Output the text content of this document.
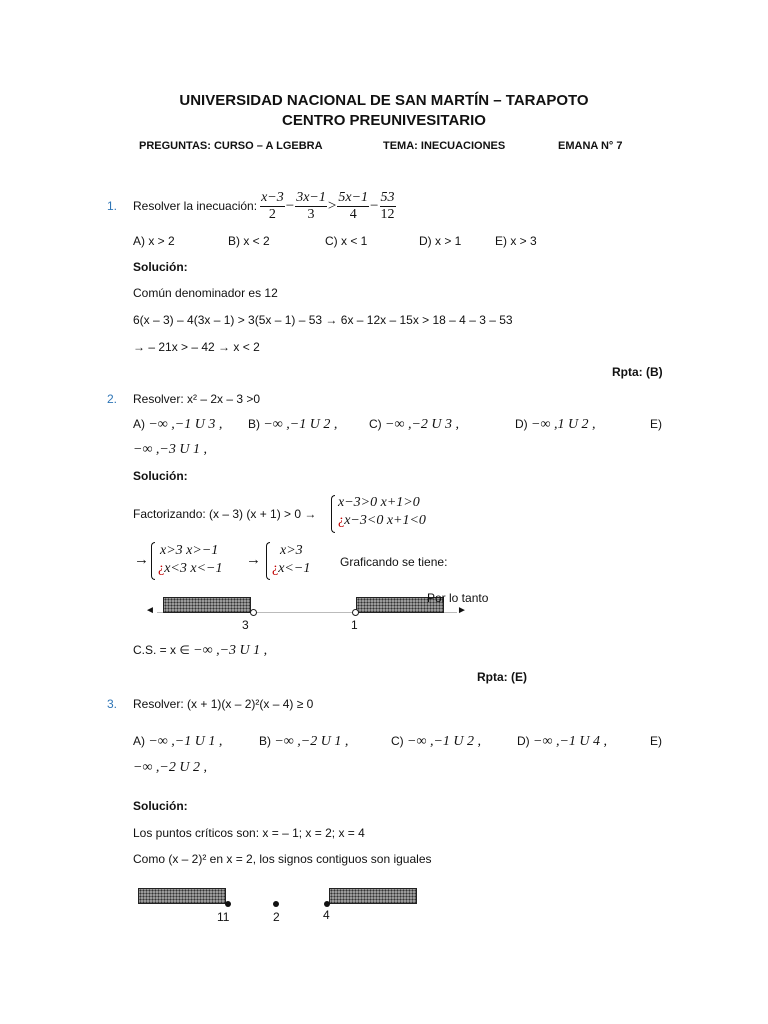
UNIVERSIDAD NACIONAL DE SAN MARTÍN – TARAPOTO
CENTRO PREUNIVESITARIO
PREGUNTAS: CURSO – A LGEBRA	TEMA: INECUACIONES	EMANA N° 7
1. Resolver la inecuación: $\frac{x-3}{2} - \frac{3x-1}{3} > \frac{5x-1}{4} - \frac{53}{12}$
A) x > 2	B) x < 2	C) x < 1	D) x > 1	E) x > 3
Solución:
Común denominador es 12
6(x – 3) – 4(3x – 1) > 3(5x – 1) – 53 → 6x – 12x – 15x > 18 – 4 – 3 – 53
→ – 21x > – 42 → x < 2
Rpta: (B)
2. Resolver: x² – 2x – 3 >0
A) −∞ ,−1 U 3 , B) −∞ ,−1 U 2 ,	C) −∞ ,−2 U 3 ,	D) −∞ ,1 U 2 ,	E)
−∞ ,−3 U 1 ,
Solución:
Factorizando: (x – 3) (x + 1) > 0 →
x−3>0 x+1>0
¿x−3<0 x+1<0
→
x>3 x>−1
¿x<3 x<−1
→
x>3
¿x<−1 Graficando se tiene:
◄	►
Por lo tanto
3	1
C.S. = x ∈ −∞ ,−3 U 1 ,
Rpta: (E)
3. Resolver: (x + 1)(x – 2)²(x – 4) ≥ 0
A) −∞ ,−1 U 1 ,	B) −∞ ,−2 U 1 ,	C) −∞ ,−1 U 2 ,	D) −∞ ,−1 U 4 ,	E)
−∞ ,−2 U 2 ,
Solución:
Los puntos críticos son: x = – 1; x = 2; x = 4
Como (x – 2)² en x = 2, los signos contiguos son iguales
11	2	4
